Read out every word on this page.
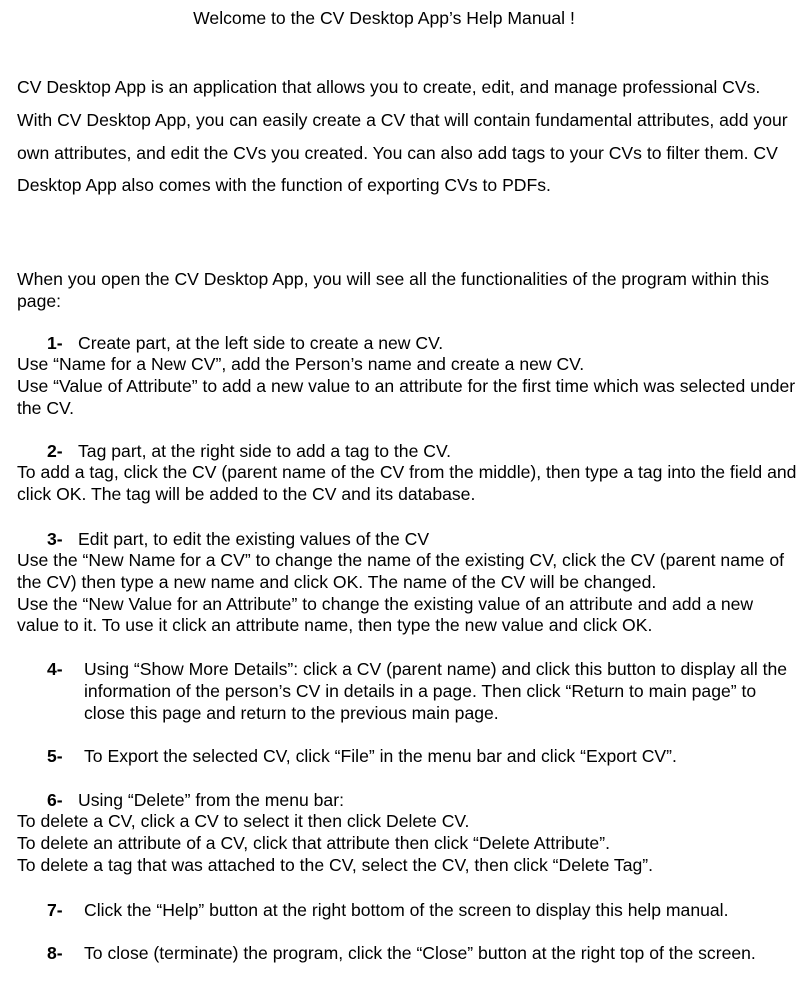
Welcome to the CV Desktop App’s Help Manual !

CV Desktop App is an application that allows you to create, edit, and manage professional CVs. With CV Desktop App, you can easily create a CV that will contain fundamental attributes, add your own attributes, and edit the CVs you created. You can also add tags to your CVs to filter them. CV Desktop App also comes with the function of exporting CVs to PDFs.

When you open the CV Desktop App, you will see all the functionalities of the program within this page:

1- Create part, at the left side to create a new CV.
Use “Name for a New CV”, add the Person’s name and create a new CV.
Use “Value of Attribute” to add a new value to an attribute for the first time which was selected under the CV.
2- Tag part, at the right side to add a tag to the CV.
To add a tag, click the CV (parent name of the CV from the middle), then type a tag into the field and click OK. The tag will be added to the CV and its database.
3- Edit part, to edit the existing values of the CV
Use the “New Name for a CV” to change the name of the existing CV, click the CV (parent name of the CV) then type a new name and click OK. The name of the CV will be changed.
Use the “New Value for an Attribute” to change the existing value of an attribute and add a new value to it. To use it click an attribute name, then type the new value and click OK.
4-	Using “Show More Details”: click a CV (parent name) and click this button to display all the information of the person’s CV in details in a page. Then click “Return to main page” to close this page and return to the previous main page.
5-	To Export the selected CV, click “File” in the menu bar and click “Export CV”.
6- Using “Delete” from the menu bar:
To delete a CV, click a CV to select it then click Delete CV.
To delete an attribute of a CV, click that attribute then click “Delete Attribute”.
To delete a tag that was attached to the CV, select the CV, then click “Delete Tag”.
7-	Click the “Help” button at the right bottom of the screen to display this help manual.
8-	To close (terminate) the program, click the “Close” button at the right top of the screen.
